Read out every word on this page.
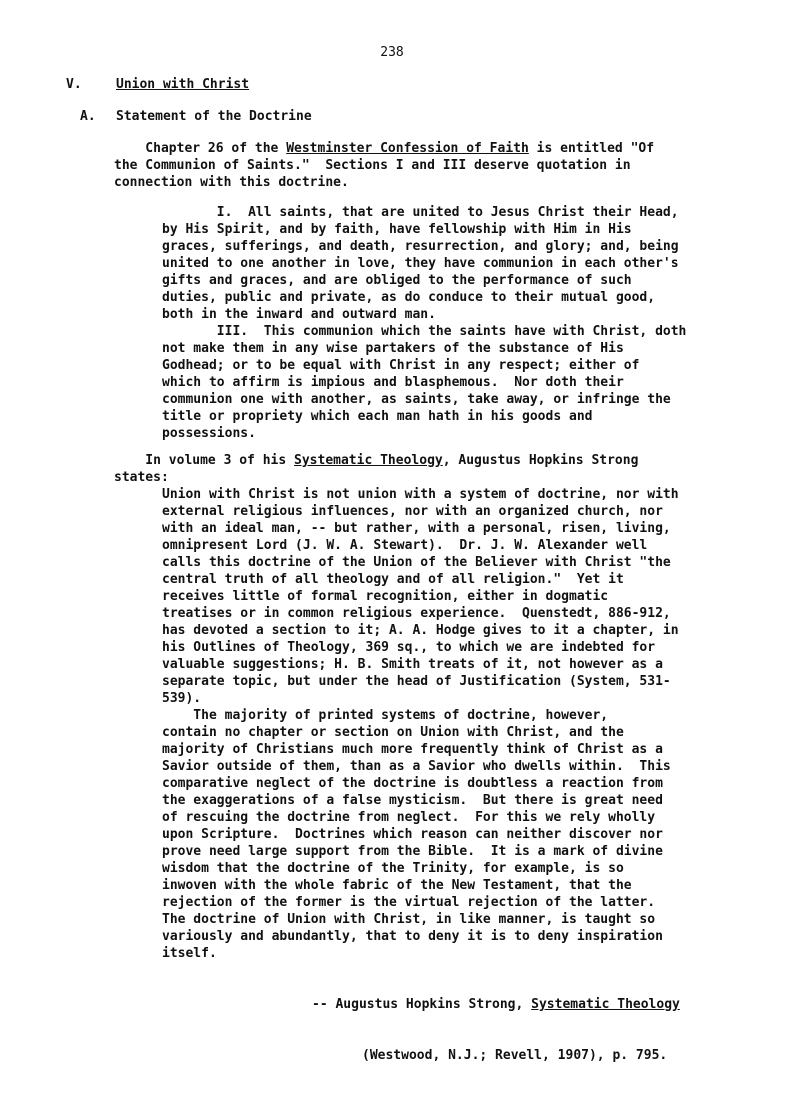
238
V.	Union with Christ
A. Statement of the Doctrine
Chapter 26 of the Westminster Confession of Faith is entitled "Of
the Communion of Saints."  Sections I and III deserve quotation in
connection with this doctrine.
I.  All saints, that are united to Jesus Christ their Head,
by His Spirit, and by faith, have fellowship with Him in His
graces, sufferings, and death, resurrection, and glory; and, being
united to one another in love, they have communion in each other's
gifts and graces, and are obliged to the performance of such
duties, public and private, as do conduce to their mutual good,
both in the inward and outward man.
III.  This communion which the saints have with Christ, doth
not make them in any wise partakers of the substance of His
Godhead; or to be equal with Christ in any respect; either of
which to affirm is impious and blasphemous.  Nor doth their
communion one with another, as saints, take away, or infringe the
title or propriety which each man hath in his goods and
possessions.
In volume 3 of his Systematic Theology, Augustus Hopkins Strong
states:
Union with Christ is not union with a system of doctrine, nor with
external religious influences, nor with an organized church, nor
with an ideal man, -- but rather, with a personal, risen, living,
omnipresent Lord (J. W. A. Stewart).  Dr. J. W. Alexander well
calls this doctrine of the Union of the Believer with Christ "the
central truth of all theology and of all religion."  Yet it
receives little of formal recognition, either in dogmatic
treatises or in common religious experience.  Quenstedt, 886-912,
has devoted a section to it; A. A. Hodge gives to it a chapter, in
his Outlines of Theology, 369 sq., to which we are indebted for
valuable suggestions; H. B. Smith treats of it, not however as a
separate topic, but under the head of Justification (System, 531-
539).
The majority of printed systems of doctrine, however,
contain no chapter or section on Union with Christ, and the
majority of Christians much more frequently think of Christ as a
Savior outside of them, than as a Savior who dwells within.  This
comparative neglect of the doctrine is doubtless a reaction from
the exaggerations of a false mysticism.  But there is great need
of rescuing the doctrine from neglect.  For this we rely wholly
upon Scripture.  Doctrines which reason can neither discover nor
prove need large support from the Bible.  It is a mark of divine
wisdom that the doctrine of the Trinity, for example, is so
inwoven with the whole fabric of the New Testament, that the
rejection of the former is the virtual rejection of the latter.
The doctrine of Union with Christ, in like manner, is taught so
variously and abundantly, that to deny it is to deny inspiration
itself.

-- Augustus Hopkins Strong, Systematic Theology

(Westwood, N.J.; Revell, 1907), p. 795.
